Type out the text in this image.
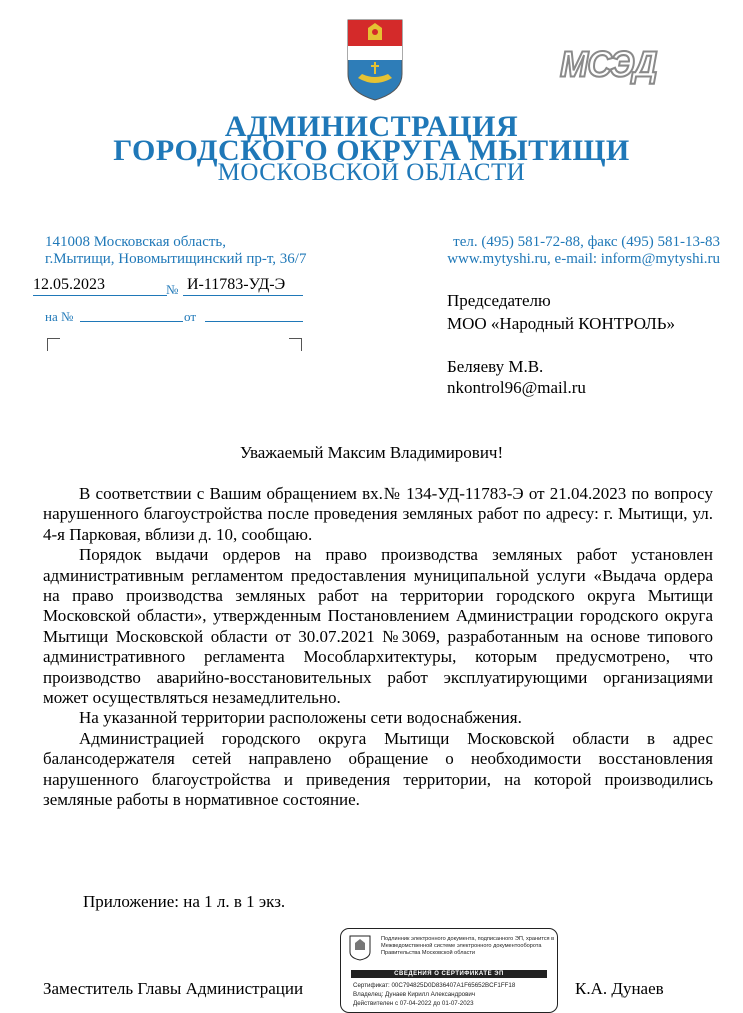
МСЭД
АДМИНИСТРАЦИЯ
ГОРОДСКОГО ОКРУГА МЫТИЩИ
МОСКОВСКОЙ ОБЛАСТИ
141008 Московская область,
г.Мытищи, Новомытищинский пр-т, 36/7
тел. (495) 581-72-88, факс (495) 581-13-83
www.mytyshi.ru, e-mail: inform@mytyshi.ru
12.05.2023	№ И-11783-УД-Э
на №	от
Председателю
МОО «Народный КОНТРОЛЬ»
Беляеву М.В.
nkontrol96@mail.ru
Уважаемый Максим Владимирович!

В соответствии с Вашим обращением вх.№ 134-УД-11783-Э от 21.04.2023 по вопросу нарушенного благоустройства после проведения земляных работ по адресу: г. Мытищи, ул. 4-я Парковая, вблизи д. 10, сообщаю.

Порядок выдачи ордеров на право производства земляных работ установлен административным регламентом предоставления муниципальной услуги «Выдача ордера на право производства земляных работ на территории городского округа Мытищи Московской области», утвержденным Постановлением Администрации городского округа Мытищи Московской области от 30.07.2021 №3069, разработанным на основе типового административного регламента Мособлархитектуры, которым предусмотрено, что производство аварийно-восстановительных работ эксплуатирующими организациями может осуществляться незамедлительно.

На указанной территории расположены сети водоснабжения.

Администрацией городского округа Мытищи Московской области в адрес балансодержателя сетей направлено обращение о необходимости восстановления нарушенного благоустройства и приведения территории, на которой производились земляные работы в нормативное состояние.

Приложение: на 1 л. в 1 экз.
Заместитель Главы Администрации	К.А. Дунаев
Подлинник электронного документа, подписанного ЭП, хранится в Межведомственной системе электронного документооборота Правительства Московской области
СВЕДЕНИЯ О СЕРТИФИКАТЕ ЭП
Сертификат: 00C794825D0D836407A1F65652BCF1FF18
Владелец: Дунаев Кирилл Александрович
Действителен с 07-04-2022 до 01-07-2023
